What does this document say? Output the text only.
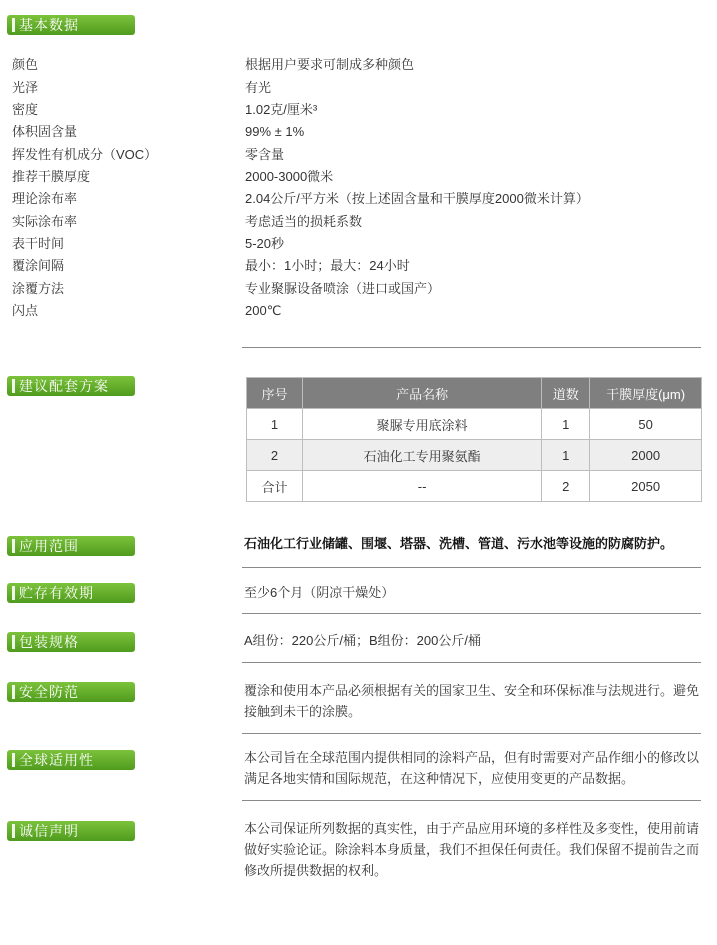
基本数据
颜色	根据用户要求可制成多种颜色
光泽	有光
密度	1.02克/厘米³
体积固含量	99% ± 1%
挥发性有机成分（VOC）	零含量
推荐干膜厚度	2000-3000微米
理论涂布率	2.04公斤/平方米（按上述固含量和干膜厚度2000微米计算）
实际涂布率	考虑适当的损耗系数
表干时间	5-20秒
覆涂间隔	最小：1小时；最大：24小时
涂覆方法	专业聚脲设备喷涂（进口或国产）
闪点	200℃
建议配套方案	序号	产品名称	道数	干膜厚度(μm)
1	聚脲专用底涂料	1	50
2	石油化工专用聚氨酯	1	2000
合计	--	2	2050
应用范围	石油化工行业储罐、围堰、塔器、洗槽、管道、污水池等设施的防腐防护。
贮存有效期	至少6个月（阴凉干燥处）
包装规格	A组份：220公斤/桶；B组份：200公斤/桶
安全防范	覆涂和使用本产品必须根据有关的国家卫生、安全和环保标准与法规进行。避免接触到未干的涂膜。
全球适用性	本公司旨在全球范围内提供相同的涂料产品，但有时需要对产品作细小的修改以满足各地实情和国际规范，在这种情况下，应使用变更的产品数据。
诚信声明	本公司保证所列数据的真实性，由于产品应用环境的多样性及多变性，使用前请做好实验论证。除涂料本身质量，我们不担保任何责任。我们保留不提前告之而修改所提供数据的权利。
